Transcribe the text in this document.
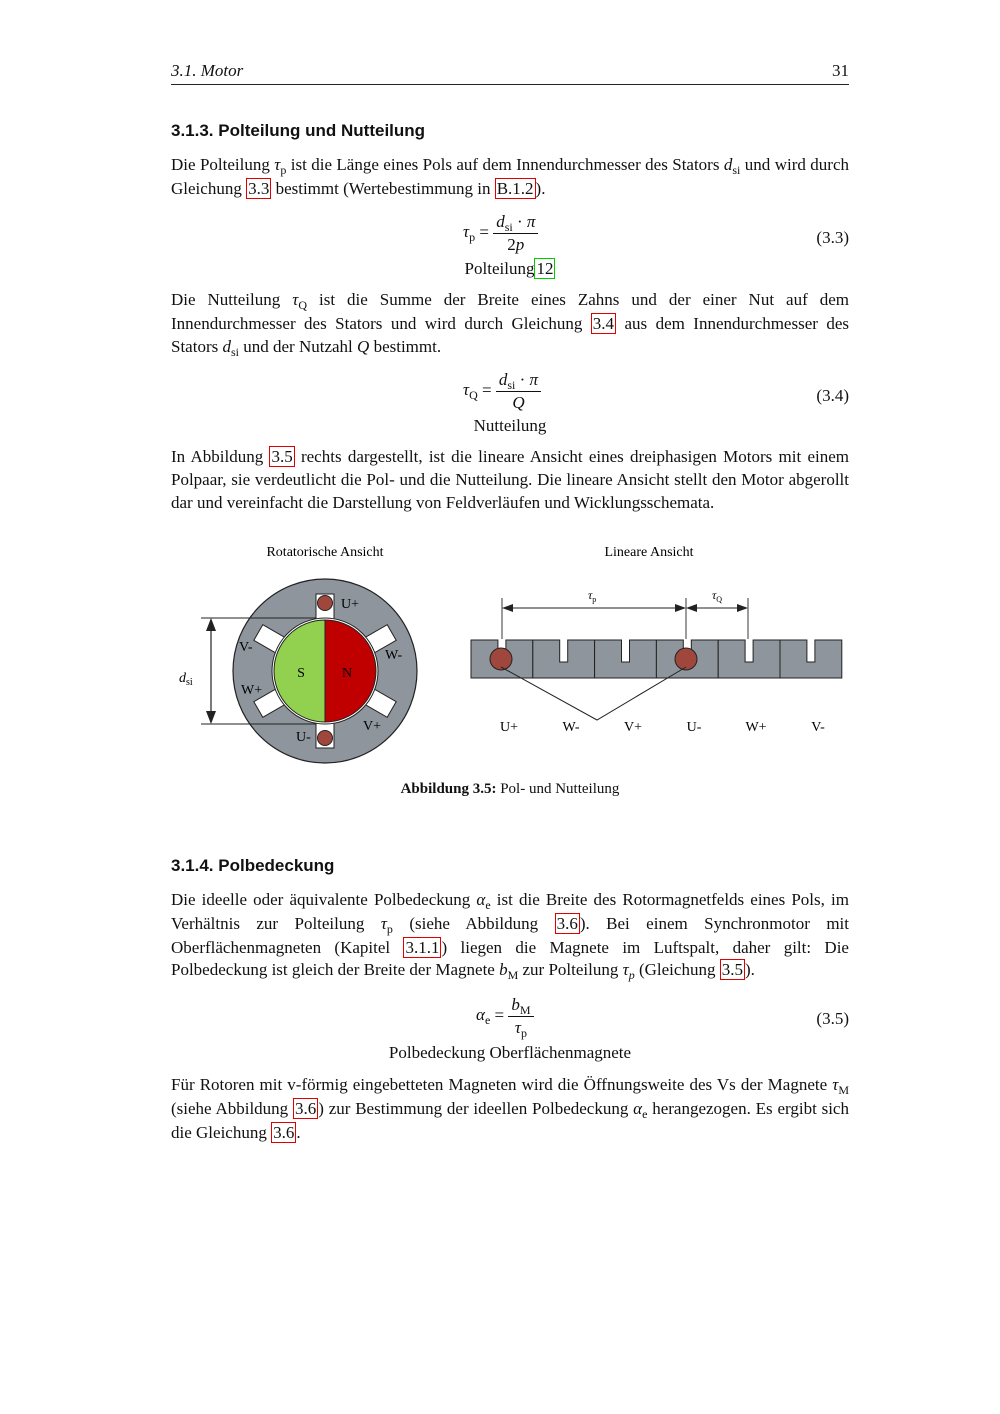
3.1. Motor	31
3.1.3. Polteilung und Nutteilung

Die Polteilung $\tau_p$ ist die Länge eines Pols auf dem Innendurchmesser des Stators $d_{si}$ und wird durch Gleichung 3.3 bestimmt (Wertebestimmung in B.1.2 ).

$\tau_p = \frac{d_{si} \cdot \pi}{2p}$	(3.3)
Polteilung 12

Die Nutteilung $\tau_Q$ ist die Summe der Breite eines Zahns und der einer Nut auf dem Innendurchmesser des Stators und wird durch Gleichung 3.4 aus dem Innendurchmesser des Stators $d_{si}$ und der Nutzahl Q bestimmt.

$\tau_Q = \frac{d_{si} \cdot \pi}{Q}$	(3.4)
Nutteilung

In Abbildung 3.5 rechts dargestellt, ist die lineare Ansicht eines dreiphasigen Motors mit einem Polpaar, sie verdeutlicht die Pol- und die Nutteilung. Die lineare Ansicht stellt den Motor abgerollt dar und vereinfacht die Darstellung von Feldverläufen und Wicklungsschemata.

Rotatorische Ansicht	Lineare Ansicht
S	N
U+
V-
W-
W+
V+
U-
$d_{si}$
$\tau_p$	$\tau_Q$
U+	W-	V+	U-	W+	V-
Abbildung 3.5: Pol- und Nutteilung
3.1.4. Polbedeckung

Die ideelle oder äquivalente Polbedeckung $\alpha_e$ ist die Breite des Rotormagnetfelds eines Pols, im Verhältnis zur Polteilung $\tau_p$ (siehe Abbildung 3.6 ). Bei einem Synchronmotor mit Oberflächenmagneten (Kapitel 3.1.1 ) liegen die Magnete im Luftspalt, daher gilt: Die Polbedeckung ist gleich der Breite der Magnete $b_M$ zur Polteilung $\tau_p$ (Gleichung 3.5 ).

$\alpha_e = \frac{b_M}{\tau_p}$	(3.5)
Polbedeckung Oberflächenmagnete

Für Rotoren mit v-förmig eingebetteten Magneten wird die Öffnungsweite des Vs der Magnete $\tau_M$ (siehe Abbildung 3.6 ) zur Bestimmung der ideellen Polbedeckung $\alpha_e$ herangezogen. Es ergibt sich die Gleichung 3.6 .
